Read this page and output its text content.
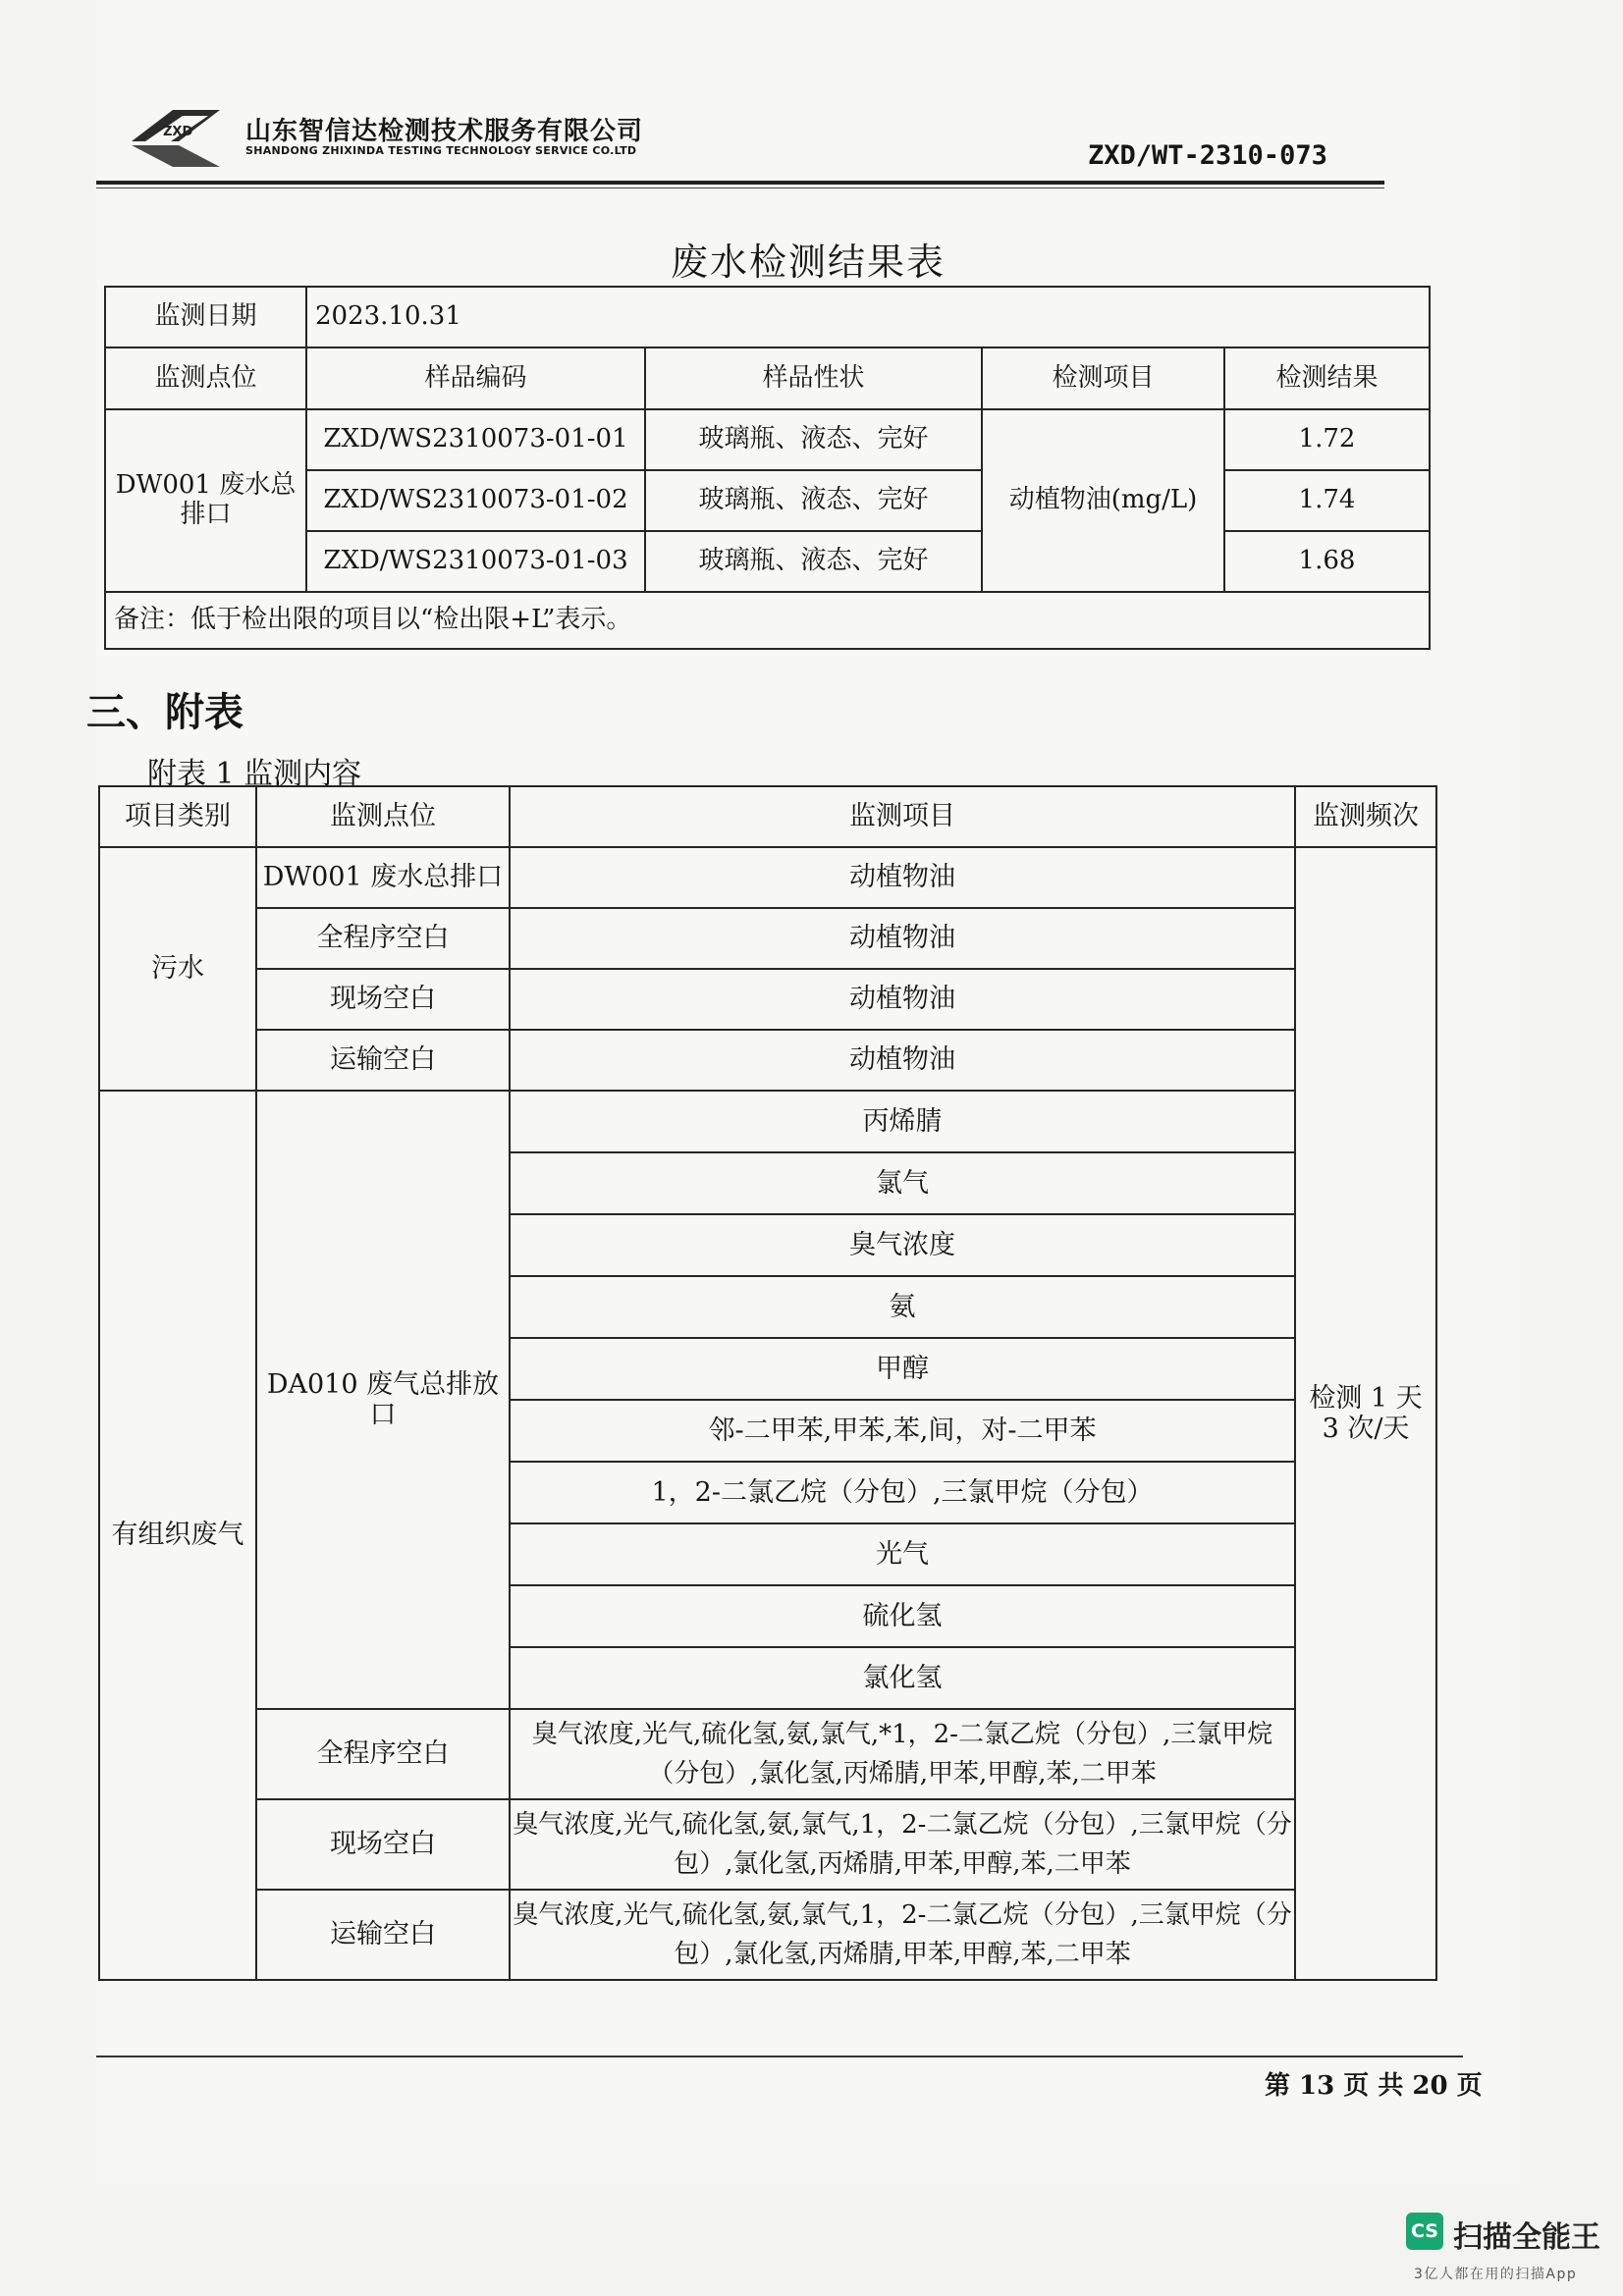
ZXD 山东智信达检测技术服务有限公司
SHANDONG ZHIXINDA TESTING TECHNOLOGY SERVICE CO.LTD	ZXD/WT-2310-073
废水检测结果表
监测日期	2023.10.31			
监测点位	样品编码	样品性状	检测项目	检测结果
DW001 废水总排口	ZXD/WS2310073-01-01	玻璃瓶、液态、完好	动植物油(mg/L)	1.72
	ZXD/WS2310073-01-02	玻璃瓶、液态、完好		1.74
	ZXD/WS2310073-01-03	玻璃瓶、液态、完好		1.68
备注：低于检出限的项目以“检出限+L”表示。				
三、附表
附表 1 监测内容
项目类别	监测点位	监测项目	监测频次
污水	DW001 废水总排口	动植物油	检测 1 天 3 次/天
	全程序空白	动植物油	
	现场空白	动植物油	
	运输空白	动植物油	
有组织废气	DA010 废气总排放口	丙烯腈	
		氯气	
		臭气浓度	
		氨	
		甲醇	
		邻-二甲苯,甲苯,苯,间，对-二甲苯	
		1，2-二氯乙烷（分包）,三氯甲烷（分包）	
		光气	
		硫化氢	
		氯化氢	
	全程序空白	臭气浓度,光气,硫化氢,氨,氯气,*1，2-二氯乙烷（分包）,三氯甲烷（分包）,氯化氢,丙烯腈,甲苯,甲醇,苯,二甲苯	
	现场空白	臭气浓度,光气,硫化氢,氨,氯气,1，2-二氯乙烷（分包）,三氯甲烷（分包）,氯化氢,丙烯腈,甲苯,甲醇,苯,二甲苯	
	运输空白	臭气浓度,光气,硫化氢,氨,氯气,1，2-二氯乙烷（分包）,三氯甲烷（分包）,氯化氢,丙烯腈,甲苯,甲醇,苯,二甲苯	
第 13 页 共 20 页
CS 扫描全能王
3亿人都在用的扫描App
